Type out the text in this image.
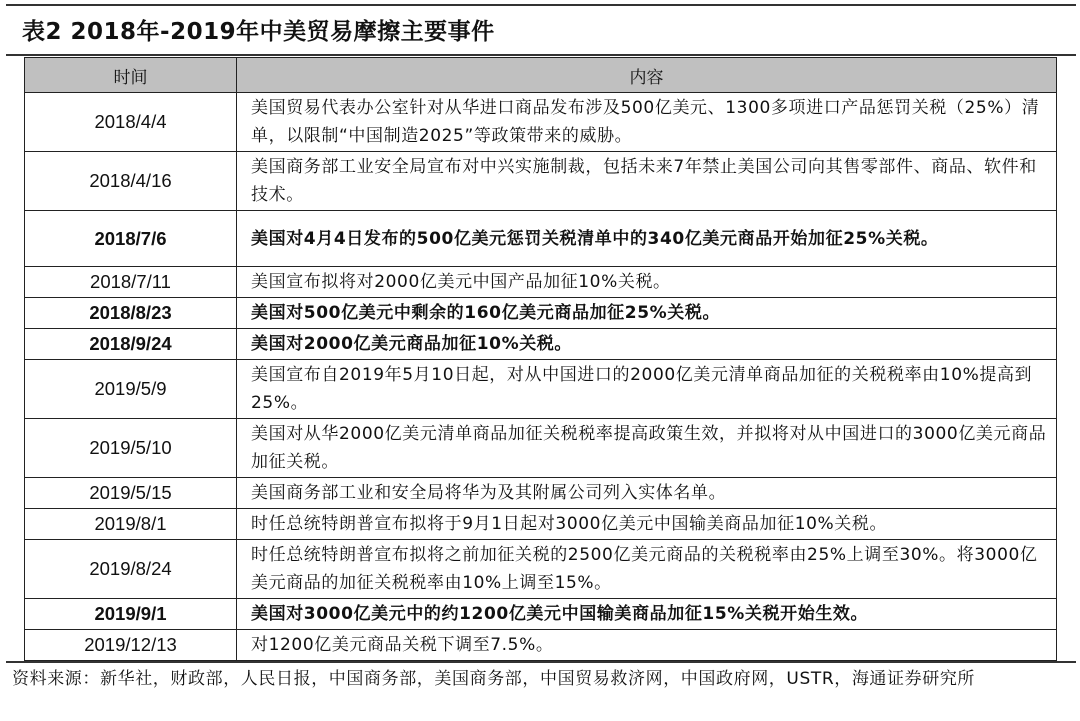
表2 2018年-2019年中美贸易摩擦主要事件
时间	内容
2018/4/4	美国贸易代表办公室针对从华进口商品发布涉及500亿美元、1300多项进口产品惩罚关税（25%）清单，以限制“中国制造2025”等政策带来的威胁。
2018/4/16	美国商务部工业安全局宣布对中兴实施制裁，包括未来7年禁止美国公司向其售零部件、商品、软件和技术。
2018/7/6	美国对4月4日发布的500亿美元惩罚关税清单中的340亿美元商品开始加征25%关税。
2018/7/11	美国宣布拟将对2000亿美元中国产品加征10%关税。
2018/8/23	美国对500亿美元中剩余的160亿美元商品加征25%关税。
2018/9/24	美国对2000亿美元商品加征10%关税。
2019/5/9	美国宣布自2019年5月10日起，对从中国进口的2000亿美元清单商品加征的关税税率由10%提高到25%。
2019/5/10	美国对从华2000亿美元清单商品加征关税税率提高政策生效，并拟将对从中国进口的3000亿美元商品加征关税。
2019/5/15	美国商务部工业和安全局将华为及其附属公司列入实体名单。
2019/8/1	时任总统特朗普宣布拟将于9月1日起对3000亿美元中国输美商品加征10%关税。
2019/8/24	时任总统特朗普宣布拟将之前加征关税的2500亿美元商品的关税税率由25%上调至30%。将3000亿美元商品的加征关税税率由10%上调至15%。
2019/9/1	美国对3000亿美元中的约1200亿美元中国输美商品加征15%关税开始生效。
2019/12/13	对1200亿美元商品关税下调至7.5%。
资料来源：新华社，财政部，人民日报，中国商务部，美国商务部，中国贸易救济网，中国政府网，USTR，海通证券研究所
